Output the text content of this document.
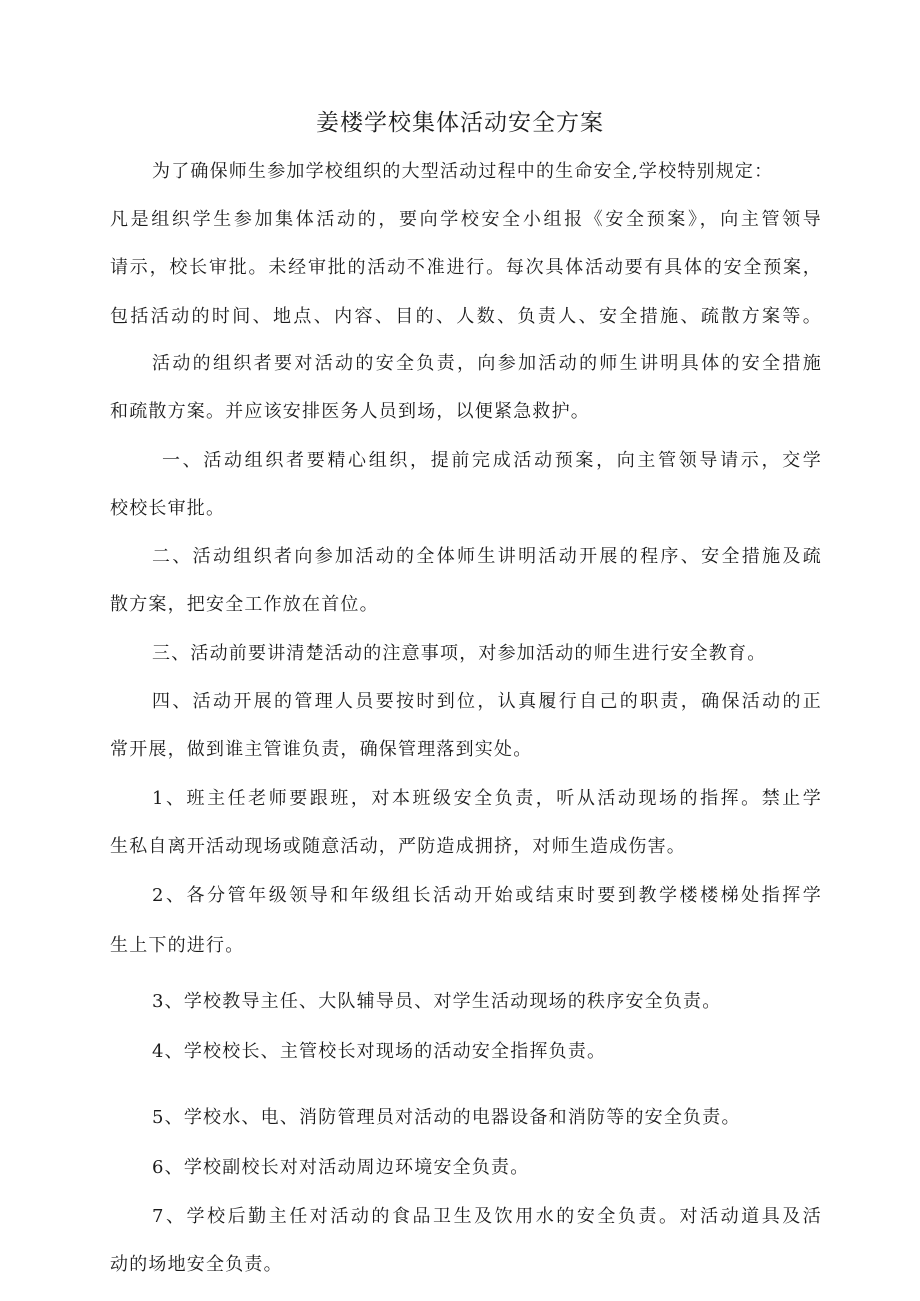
姜楼学校集体活动安全方案
为了确保师生参加学校组织的大型活动过程中的生命安全,学校特别规定：
凡是组织学生参加集体活动的，要向学校安全小组报《安全预案》，向主管领导
请示，校长审批。未经审批的活动不准进行。每次具体活动要有具体的安全预案，
包括活动的时间、地点、内容、目的、人数、负责人、安全措施、疏散方案等。
活动的组织者要对活动的安全负责，向参加活动的师生讲明具体的安全措施
和疏散方案。并应该安排医务人员到场，以便紧急救护。
一、活动组织者要精心组织，提前完成活动预案，向主管领导请示，交学
校校长审批。
二、活动组织者向参加活动的全体师生讲明活动开展的程序、安全措施及疏
散方案，把安全工作放在首位。
三、活动前要讲清楚活动的注意事项，对参加活动的师生进行安全教育。
四、活动开展的管理人员要按时到位，认真履行自己的职责，确保活动的正
常开展，做到谁主管谁负责，确保管理落到实处。
1、班主任老师要跟班，对本班级安全负责，听从活动现场的指挥。禁止学
生私自离开活动现场或随意活动，严防造成拥挤，对师生造成伤害。
2、各分管年级领导和年级组长活动开始或结束时要到教学楼楼梯处指挥学
生上下的进行。
3、学校教导主任、大队辅导员、对学生活动现场的秩序安全负责。
4、学校校长、主管校长对现场的活动安全指挥负责。
5、学校水、电、消防管理员对活动的电器设备和消防等的安全负责。
6、学校副校长对对活动周边环境安全负责。
7、学校后勤主任对活动的食品卫生及饮用水的安全负责。对活动道具及活
动的场地安全负责。
